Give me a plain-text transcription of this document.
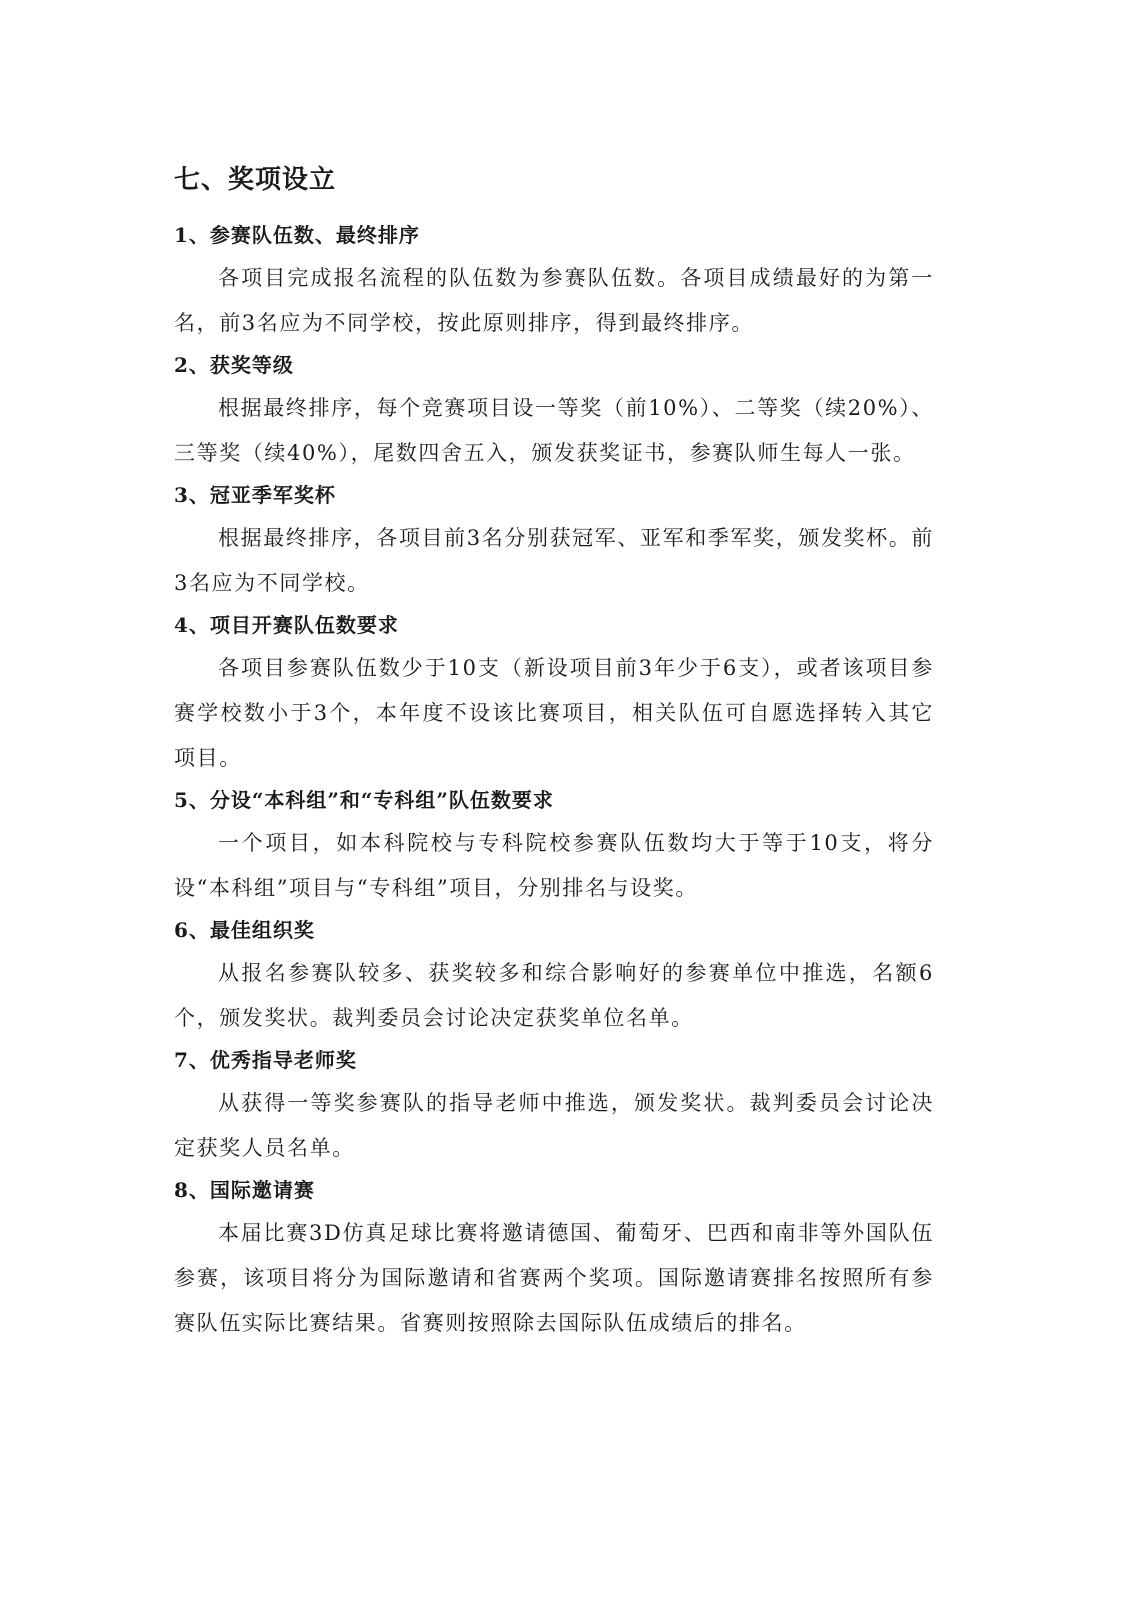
七、奖项设立
1、参赛队伍数、最终排序

各项目完成报名流程的队伍数为参赛队伍数。各项目成绩最好的为第一名，前3名应为不同学校，按此原则排序，得到最终排序。

2、获奖等级

根据最终排序，每个竞赛项目设一等奖（前10%）、二等奖（续20%）、三等奖（续40%），尾数四舍五入，颁发获奖证书，参赛队师生每人一张。

3、冠亚季军奖杯

根据最终排序，各项目前3名分别获冠军、亚军和季军奖，颁发奖杯。前3名应为不同学校。

4、项目开赛队伍数要求

各项目参赛队伍数少于10支（新设项目前3年少于6支），或者该项目参赛学校数小于3个，本年度不设该比赛项目，相关队伍可自愿选择转入其它项目。

5、分设“本科组”和“专科组”队伍数要求

一个项目，如本科院校与专科院校参赛队伍数均大于等于10支，将分设“本科组”项目与“专科组”项目，分别排名与设奖。

6、最佳组织奖

从报名参赛队较多、获奖较多和综合影响好的参赛单位中推选，名额6个，颁发奖状。裁判委员会讨论决定获奖单位名单。

7、优秀指导老师奖

从获得一等奖参赛队的指导老师中推选，颁发奖状。裁判委员会讨论决定获奖人员名单。

8、国际邀请赛

本届比赛3D仿真足球比赛将邀请德国、葡萄牙、巴西和南非等外国队伍参赛，该项目将分为国际邀请和省赛两个奖项。国际邀请赛排名按照所有参赛队伍实际比赛结果。省赛则按照除去国际队伍成绩后的排名。
